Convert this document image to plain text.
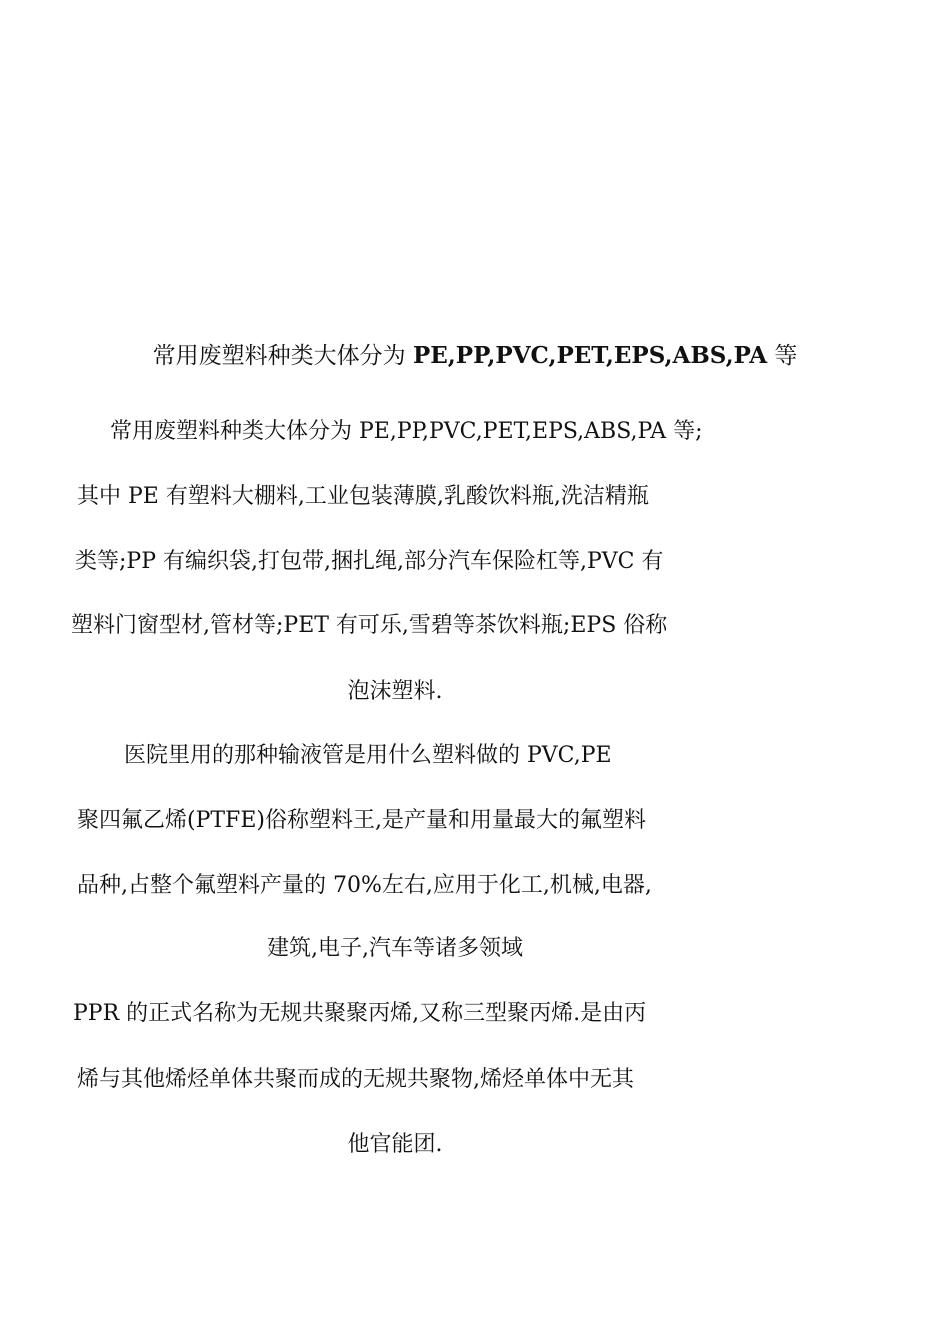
常用废塑料种类大体分为 PE,PP,PVC,PET,EPS,ABS,PA 等
常用废塑料种类大体分为 PE,PP,PVC,PET,EPS,ABS,PA 等;
其中 PE 有塑料大棚料,工业包装薄膜,乳酸饮料瓶,洗洁精瓶
类等;PP 有编织袋,打包带,捆扎绳,部分汽车保险杠等,PVC 有
塑料门窗型材,管材等;PET 有可乐,雪碧等茶饮料瓶;EPS 俗称
泡沫塑料.
医院里用的那种输液管是用什么塑料做的 PVC,PE
聚四氟乙烯(PTFE)俗称塑料王,是产量和用量最大的氟塑料
品种,占整个氟塑料产量的 70%左右,应用于化工,机械,电器,
建筑,电子,汽车等诸多领域
PPR 的正式名称为无规共聚聚丙烯,又称三型聚丙烯.是由丙
烯与其他烯烃单体共聚而成的无规共聚物,烯烃单体中无其
他官能团.
